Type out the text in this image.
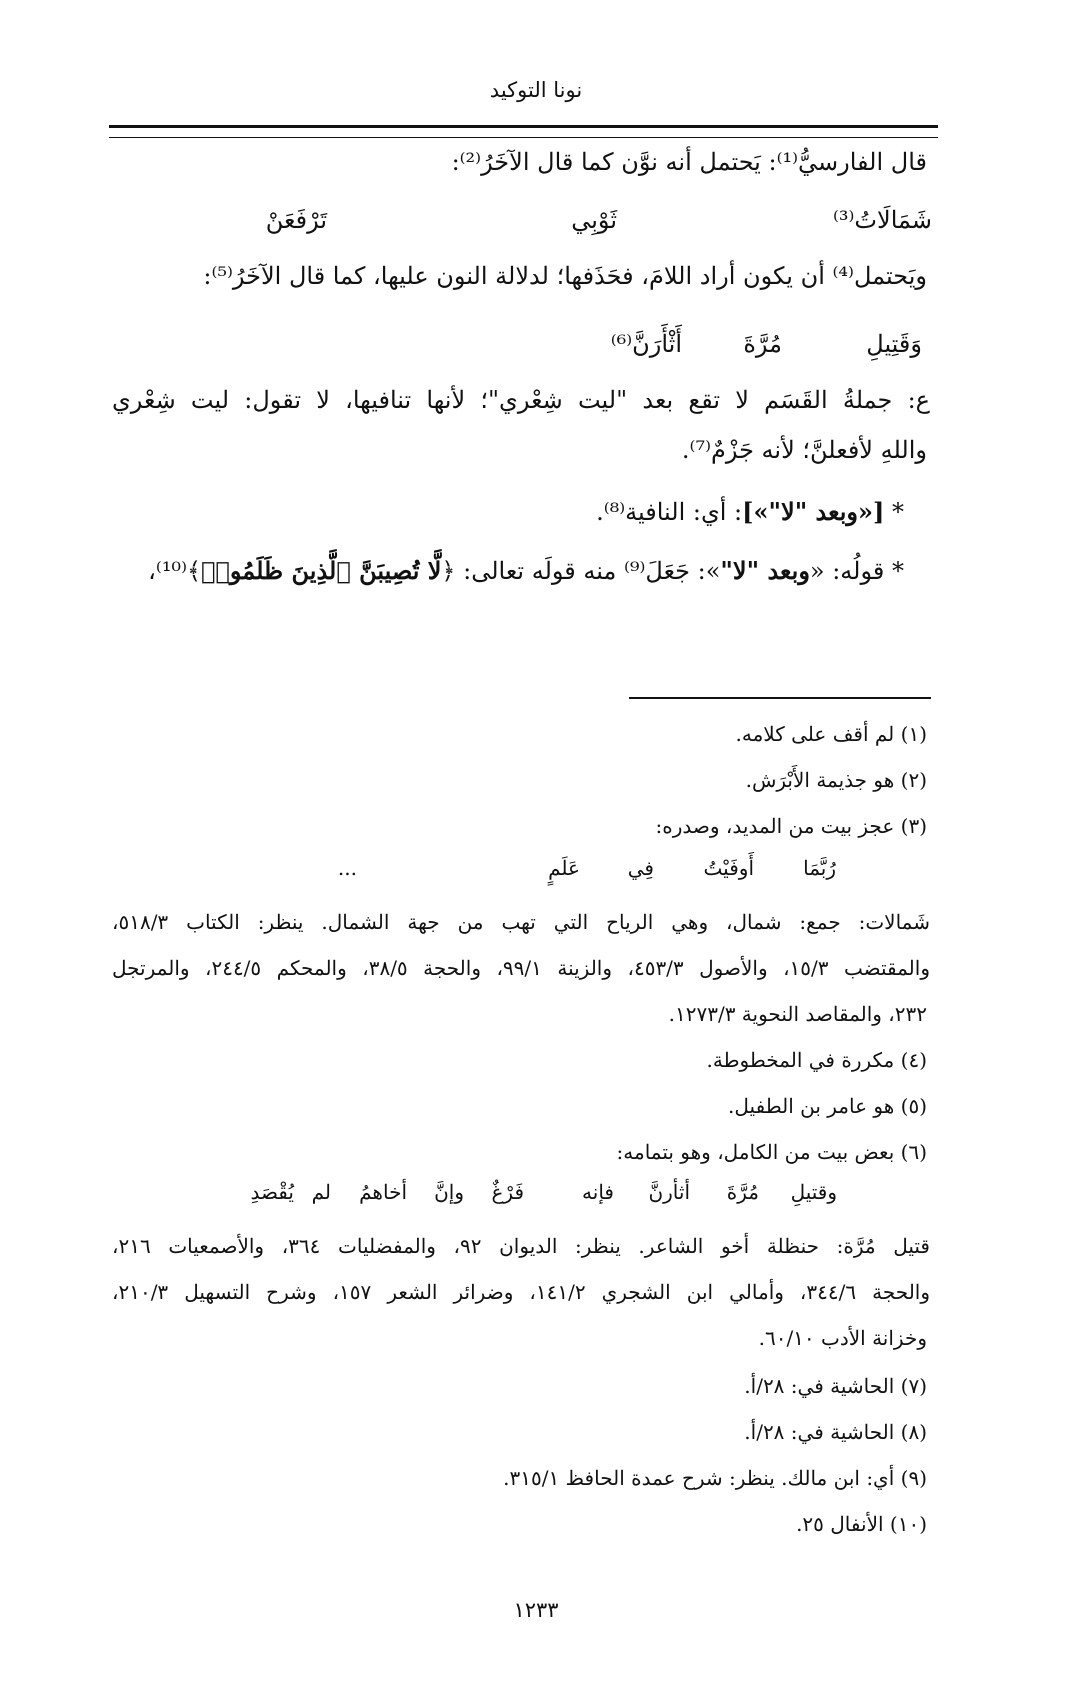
نونا التوكيد
قال الفارسيُّ⁽¹⁾: يَحتمل أنه نوَّن كما قال الآخَرُ⁽²⁾:
تَرْفَعَنْ	ثَوْبِي	شَمَالَاتُ⁽³⁾
ويَحتمل⁽⁴⁾ أن يكون أراد اللامَ، فحَذَفها؛ لدلالة النون عليها، كما قال الآخَرُ⁽⁵⁾:
وَقَتِيلِ
مُرَّةَ
أَثْأَرَنَّ⁽⁶⁾
ع: جملةُ القَسَم لا تقع بعد "ليت شِعْري"؛ لأنها تنافيها، لا تقول: ليت شِعْري
واللهِ لأفعلنَّ؛ لأنه جَزْمٌ⁽⁷⁾.
* [«وبعد "لا"»]: أي: النافية⁽⁸⁾.
* قولُه: «وبعد "لا"»: جَعَلَ⁽⁹⁾ منه قولَه تعالى: ﴿لَّا تُصِيبَنَّ ٱلَّذِينَ ظَلَمُوا۟﴾⁽¹⁰⁾،
(١) لم أقف على كلامه.
(٢) هو جذيمة الأَبْرَش.
(٣) عجز بيت من المديد، وصدره:
رُبَّمَا
أَوفَيْتُ
فِي
عَلَمٍ
...
شَمالات: جمع: شمال، وهي الرياح التي تهب من جهة الشمال. ينظر: الكتاب ٥١٨/٣،
والمقتضب ١٥/٣، والأصول ٤٥٣/٣، والزينة ٩٩/١، والحجة ٣٨/٥، والمحكم ٢٤٤/٥، والمرتجل
٢٣٢، والمقاصد النحوية ١٢٧٣/٣.
(٤) مكررة في المخطوطة.
(٥) هو عامر بن الطفيل.
(٦) بعض بيت من الكامل، وهو بتمامه:
وقتيلِ
مُرَّةَ
أثأرنَّ
فإنه
فَرْغٌ
وإنَّ
أخاهمُ
لم
يُقْصَدِ
قتيل مُرَّة: حنظلة أخو الشاعر. ينظر: الديوان ٩٢، والمفضليات ٣٦٤، والأصمعيات ٢١٦،
والحجة ٣٤٤/٦، وأمالي ابن الشجري ١٤١/٢، وضرائر الشعر ١٥٧، وشرح التسهيل ٢١٠/٣،
وخزانة الأدب ٦٠/١٠.
(٧) الحاشية في: ٢٨/أ.
(٨) الحاشية في: ٢٨/أ.
(٩) أي: ابن مالك. ينظر: شرح عمدة الحافظ ٣١٥/١.
(١٠) الأنفال ٢٥.
١٢٣٣
